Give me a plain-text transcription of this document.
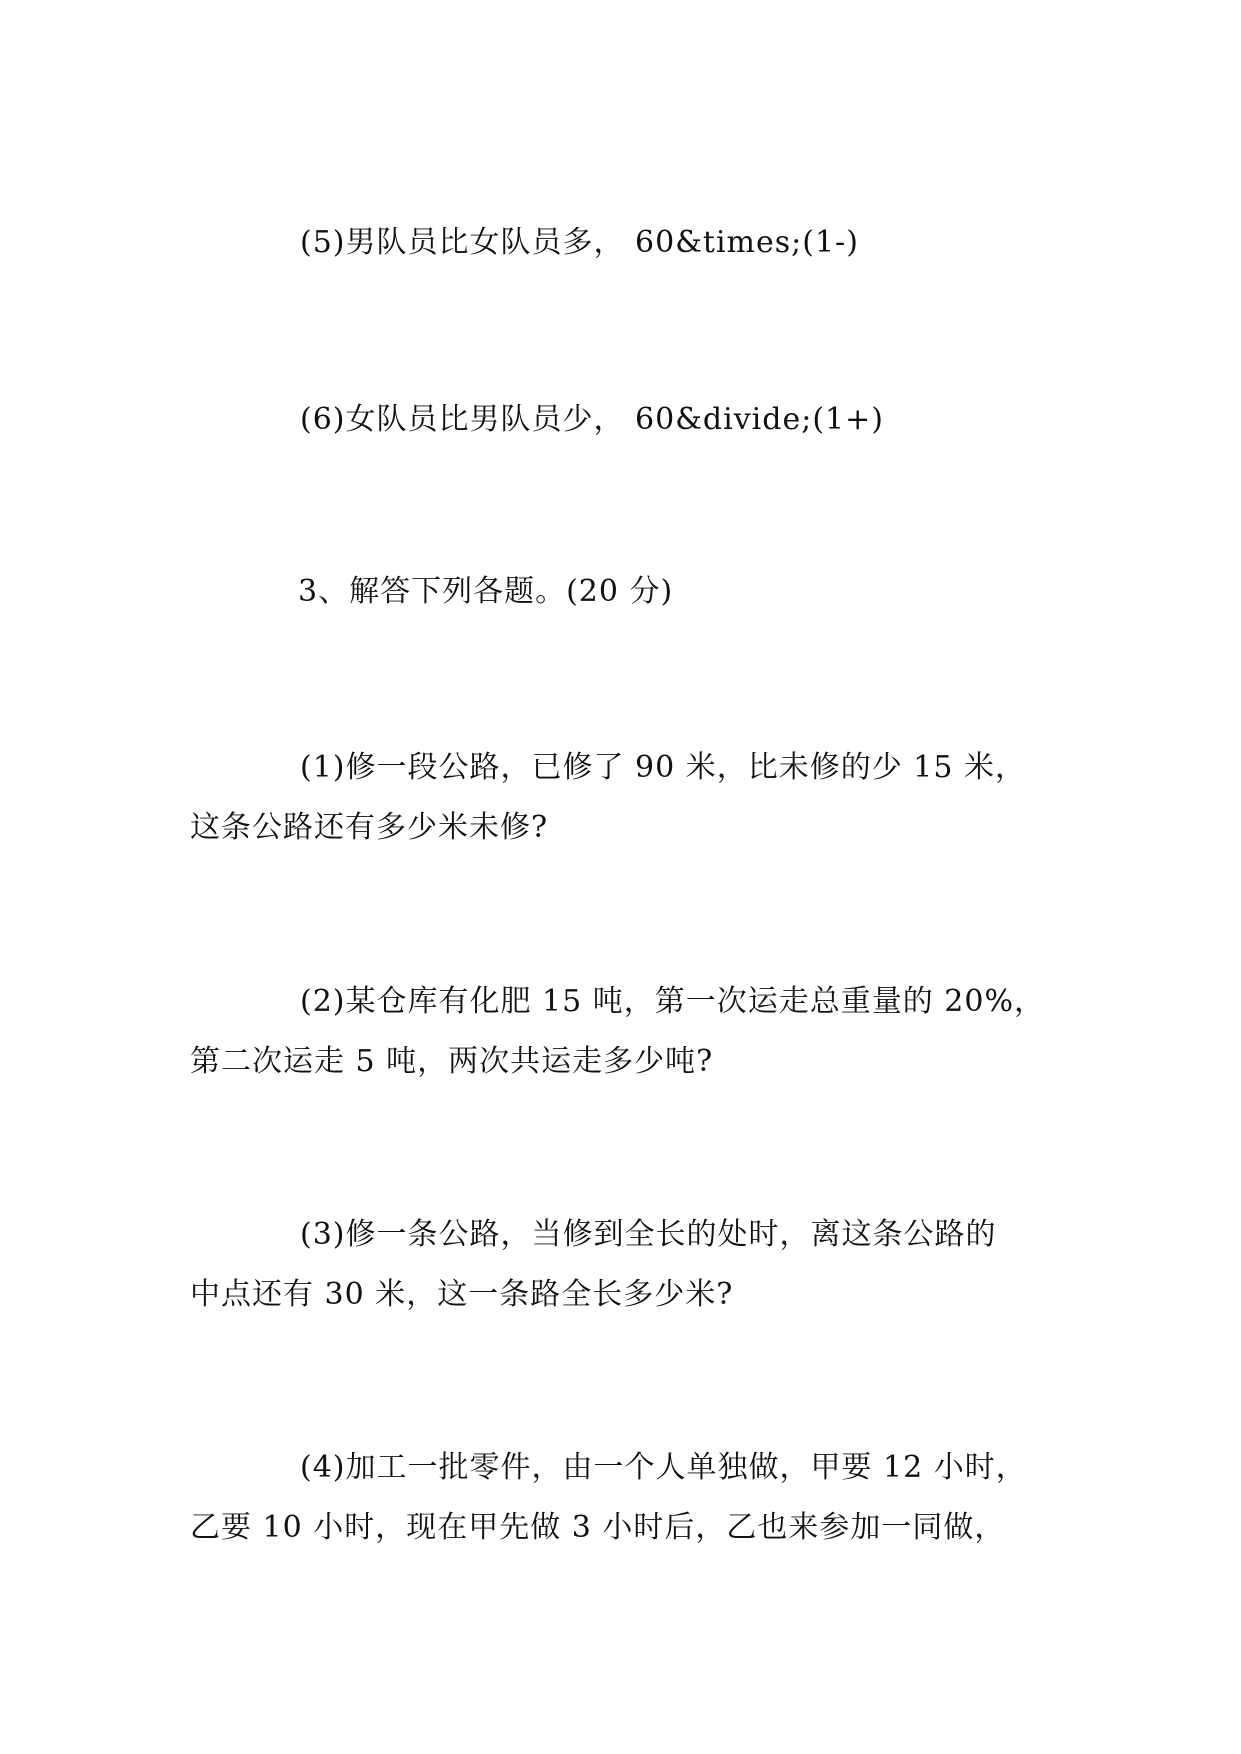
(5)男队员比女队员多， 60&times;(1-)
(6)女队员比男队员少， 60&divide;(1+)
3、解答下列各题。(20 分)
(1)修一段公路，已修了 90 米，比未修的少 15 米，
这条公路还有多少米未修?
(2)某仓库有化肥 15 吨，第一次运走总重量的 20%，
第二次运走 5 吨，两次共运走多少吨?
(3)修一条公路，当修到全长的处时，离这条公路的
中点还有 30 米，这一条路全长多少米?
(4)加工一批零件，由一个人单独做，甲要 12 小时，
乙要 10 小时，现在甲先做 3 小时后，乙也来参加一同做，
